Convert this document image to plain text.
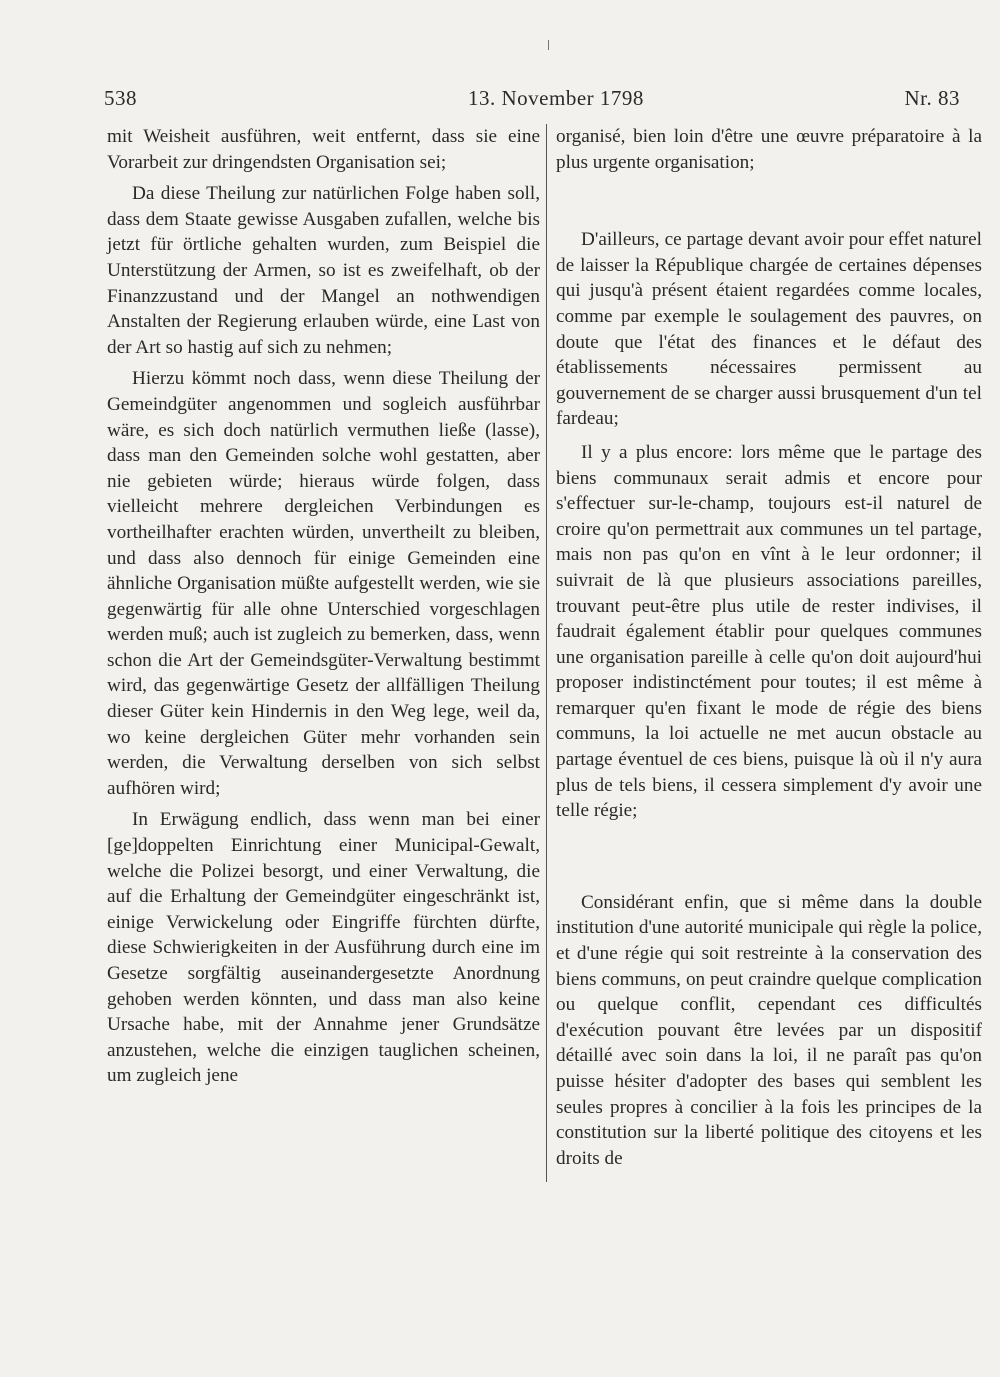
538	13. November 1798	Nr. 83

mit Weisheit ausführen, weit entfernt, dass sie eine Vorarbeit zur dringendsten Organisation sei;

Da diese Theilung zur natürlichen Folge haben soll, dass dem Staate gewisse Ausgaben zufallen, welche bis jetzt für örtliche gehalten wurden, zum Beispiel die Unterstützung der Armen, so ist es zweifelhaft, ob der Finanzzustand und der Mangel an nothwendigen Anstalten der Regierung erlauben würde, eine Last von der Art so hastig auf sich zu nehmen;

Hierzu kömmt noch dass, wenn diese Theilung der Gemeindgüter angenommen und sogleich ausführbar wäre, es sich doch natürlich vermuthen ließe (lasse), dass man den Gemeinden solche wohl gestatten, aber nie gebieten würde; hieraus würde folgen, dass vielleicht mehrere dergleichen Verbindungen es vortheilhafter erachten würden, unvertheilt zu bleiben, und dass also dennoch für einige Gemeinden eine ähnliche Organisation müßte aufgestellt werden, wie sie gegenwärtig für alle ohne Unterschied vorgeschlagen werden muß; auch ist zugleich zu bemerken, dass, wenn schon die Art der Gemeindsgüter-Verwaltung bestimmt wird, das gegenwärtige Gesetz der allfälligen Theilung dieser Güter kein Hindernis in den Weg lege, weil da, wo keine dergleichen Güter mehr vorhanden sein werden, die Verwaltung derselben von sich selbst aufhören wird;

In Erwägung endlich, dass wenn man bei einer [ge]doppelten Einrichtung einer Municipal-Gewalt, welche die Polizei besorgt, und einer Verwaltung, die auf die Erhaltung der Gemeindgüter eingeschränkt ist, einige Verwickelung oder Eingriffe fürchten dürfte, diese Schwierigkeiten in der Ausführung durch eine im Gesetze sorgfältig auseinandergesetzte Anordnung gehoben werden könnten, und dass man also keine Ursache habe, mit der Annahme jener Grundsätze anzustehen, welche die einzigen tauglichen scheinen, um zugleich jene

organisé, bien loin d'être une œuvre préparatoire à la plus urgente organisation;

D'ailleurs, ce partage devant avoir pour effet naturel de laisser la République chargée de certaines dépenses qui jusqu'à présent étaient regardées comme locales, comme par exemple le soulagement des pauvres, on doute que l'état des finances et le défaut des établissements nécessaires permissent au gouvernement de se charger aussi brusquement d'un tel fardeau;

Il y a plus encore: lors même que le partage des biens communaux serait admis et encore pour s'effectuer sur-le-champ, toujours est-il naturel de croire qu'on permettrait aux communes un tel partage, mais non pas qu'on en vînt à le leur ordonner; il suivrait de là que plusieurs associations pareilles, trouvant peut-être plus utile de rester indivises, il faudrait également établir pour quelques communes une organisation pareille à celle qu'on doit aujourd'hui proposer indistinctément pour toutes; il est même à remarquer qu'en fixant le mode de régie des biens communs, la loi actuelle ne met aucun obstacle au partage éventuel de ces biens, puisque là où il n'y aura plus de tels biens, il cessera simplement d'y avoir une telle régie;

Considérant enfin, que si même dans la double institution d'une autorité municipale qui règle la police, et d'une régie qui soit restreinte à la conservation des biens communs, on peut craindre quelque complication ou quelque conflit, cependant ces difficultés d'exécution pouvant être levées par un dispositif détaillé avec soin dans la loi, il ne paraît pas qu'on puisse hésiter d'adopter des bases qui semblent les seules propres à concilier à la fois les principes de la constitution sur la liberté politique des citoyens et les droits de
